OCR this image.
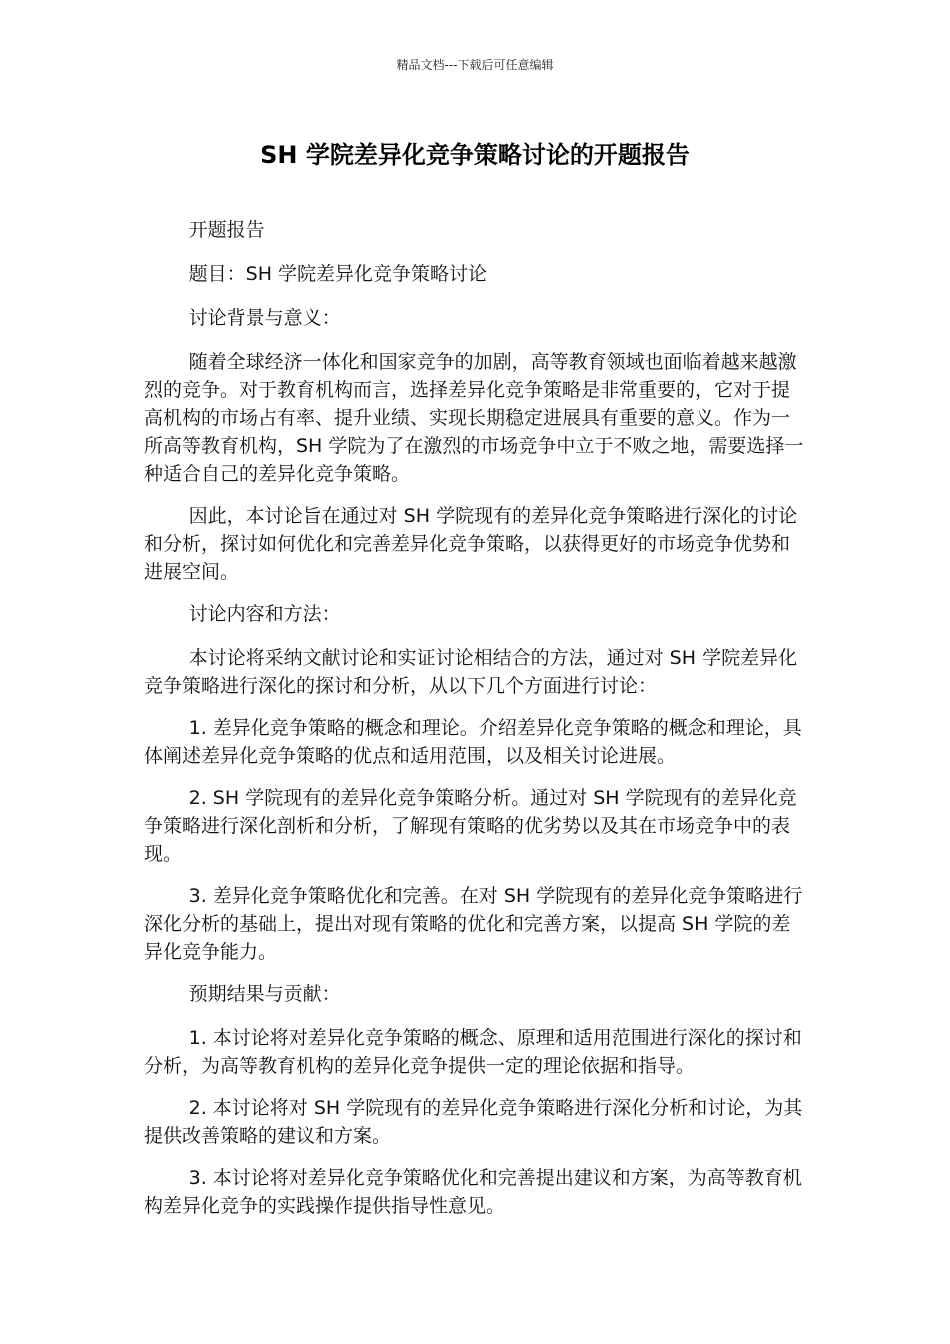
精品文档---下载后可任意编辑
SH 学院差异化竞争策略讨论的开题报告

开题报告

题目：SH 学院差异化竞争策略讨论

讨论背景与意义：

随着全球经济一体化和国家竞争的加剧，高等教育领域也面临着越来越激烈的竞争。对于教育机构而言，选择差异化竞争策略是非常重要的，它对于提高机构的市场占有率、提升业绩、实现长期稳定进展具有重要的意义。作为一所高等教育机构，SH 学院为了在激烈的市场竞争中立于不败之地，需要选择一种适合自己的差异化竞争策略。

因此，本讨论旨在通过对 SH 学院现有的差异化竞争策略进行深化的讨论和分析，探讨如何优化和完善差异化竞争策略，以获得更好的市场竞争优势和进展空间。

讨论内容和方法：

本讨论将采纳文献讨论和实证讨论相结合的方法，通过对 SH 学院差异化竞争策略进行深化的探讨和分析，从以下几个方面进行讨论：

1. 差异化竞争策略的概念和理论。介绍差异化竞争策略的概念和理论，具体阐述差异化竞争策略的优点和适用范围，以及相关讨论进展。

2. SH 学院现有的差异化竞争策略分析。通过对 SH 学院现有的差异化竞争策略进行深化剖析和分析，了解现有策略的优劣势以及其在市场竞争中的表现。

3. 差异化竞争策略优化和完善。在对 SH 学院现有的差异化竞争策略进行深化分析的基础上，提出对现有策略的优化和完善方案，以提高 SH 学院的差异化竞争能力。

预期结果与贡献：

1. 本讨论将对差异化竞争策略的概念、原理和适用范围进行深化的探讨和分析，为高等教育机构的差异化竞争提供一定的理论依据和指导。

2. 本讨论将对 SH 学院现有的差异化竞争策略进行深化分析和讨论，为其提供改善策略的建议和方案。

3. 本讨论将对差异化竞争策略优化和完善提出建议和方案，为高等教育机构差异化竞争的实践操作提供指导性意见。
